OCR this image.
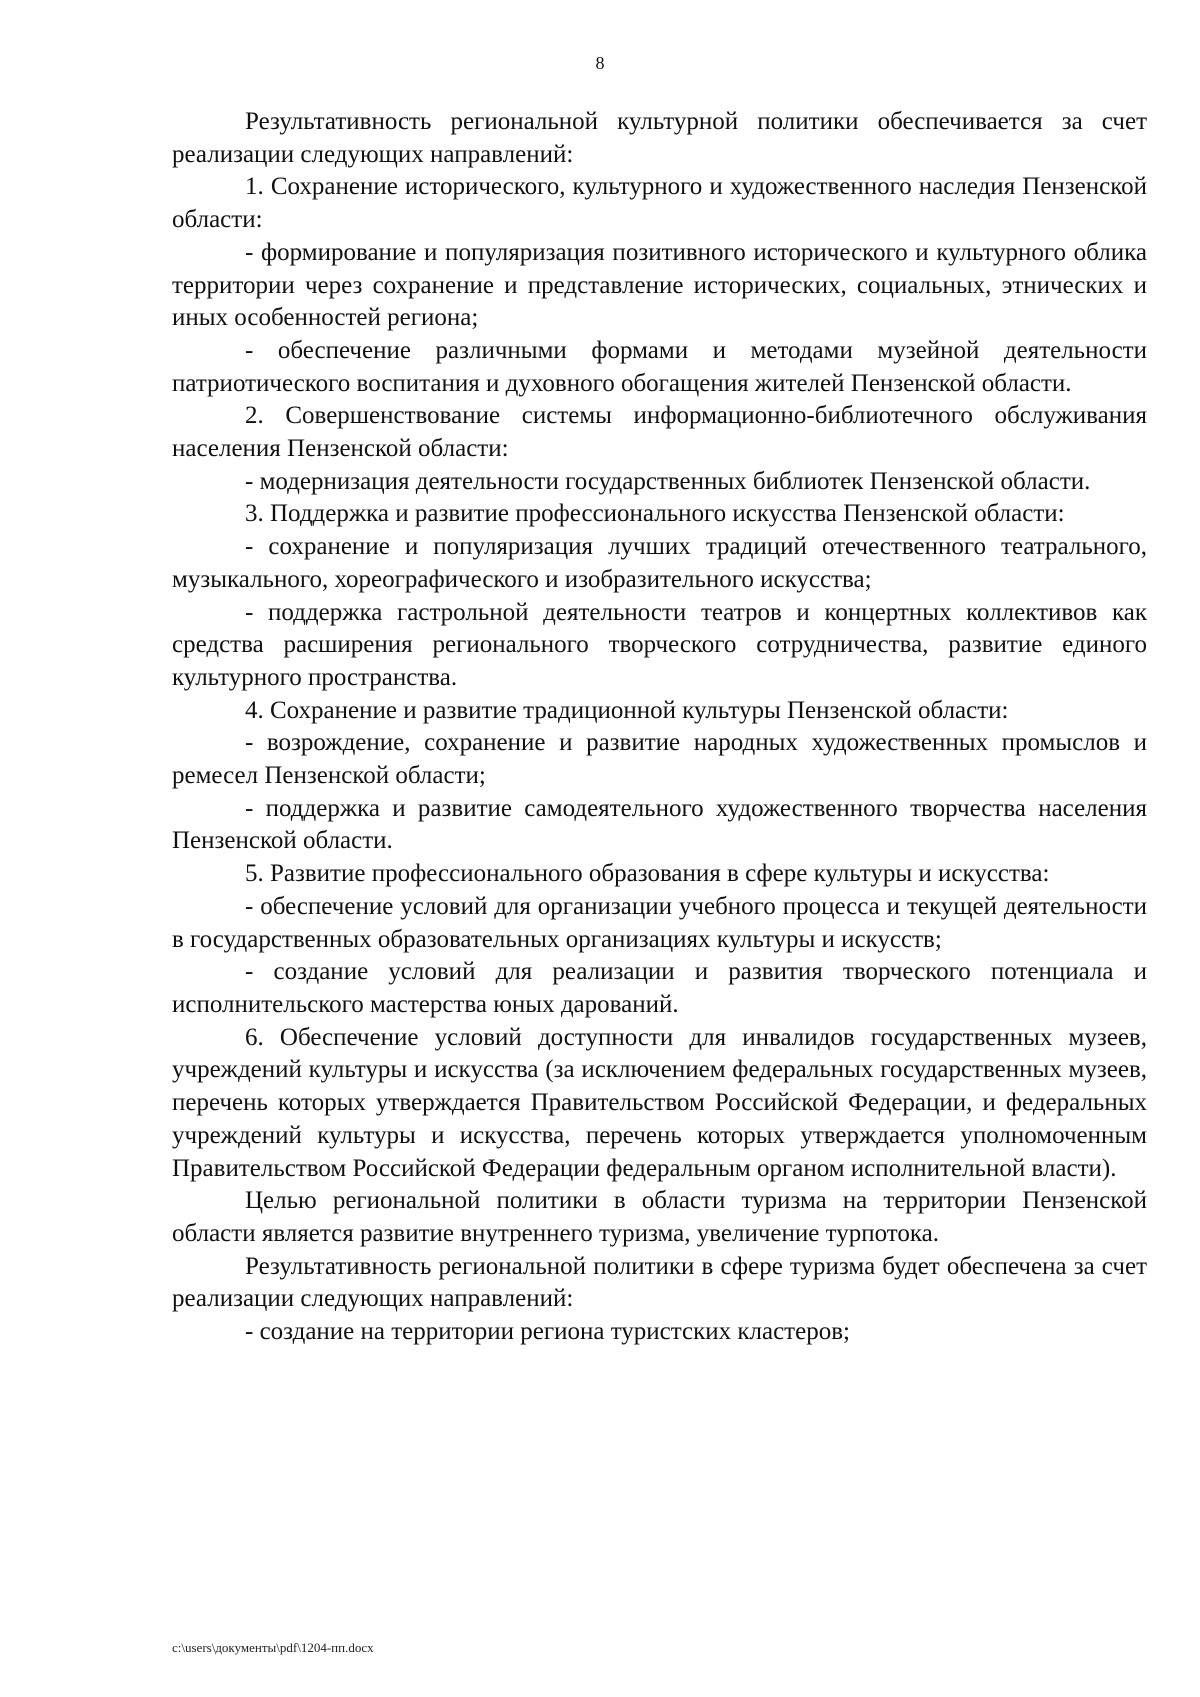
8

Результативность региональной культурной политики обеспечивается за счет реализации следующих направлений:

1. Сохранение исторического, культурного и художественного наследия Пензенской области:

- формирование и популяризация позитивного исторического и культурного облика территории через сохранение и представление исторических, социальных, этнических и иных особенностей региона;

- обеспечение различными формами и методами музейной деятельности патриотического воспитания и духовного обогащения жителей Пензенской области.

2. Совершенствование системы информационно-библиотечного обслуживания населения Пензенской области:

- модернизация деятельности государственных библиотек Пензенской области.

3. Поддержка и развитие профессионального искусства Пензенской области:

- сохранение и популяризация лучших традиций отечественного театрального, музыкального, хореографического и изобразительного искусства;

- поддержка гастрольной деятельности театров и концертных коллективов как средства расширения регионального творческого сотрудничества, развитие единого культурного пространства.

4. Сохранение и развитие традиционной культуры Пензенской области:

- возрождение, сохранение и развитие народных художественных промыслов и ремесел Пензенской области;

- поддержка и развитие самодеятельного художественного творчества населения Пензенской области.

5. Развитие профессионального образования в сфере культуры и искусства:

- обеспечение условий для организации учебного процесса и текущей деятельности в государственных образовательных организациях культуры и искусств;

- создание условий для реализации и развития творческого потенциала и исполнительского мастерства юных дарований.

6. Обеспечение условий доступности для инвалидов государственных музеев, учреждений культуры и искусства (за исключением федеральных государственных музеев, перечень которых утверждается Правительством Российской Федерации, и федеральных учреждений культуры и искусства, перечень которых утверждается уполномоченным Правительством Российской Федерации федеральным органом исполнительной власти).

Целью региональной политики в области туризма на территории Пензенской области является развитие внутреннего туризма, увеличение турпотока.

Результативность региональной политики в сфере туризма будет обеспечена за счет реализации следующих направлений:

- создание на территории региона туристских кластеров;

c:\users\документы\pdf\1204-пп.docx
